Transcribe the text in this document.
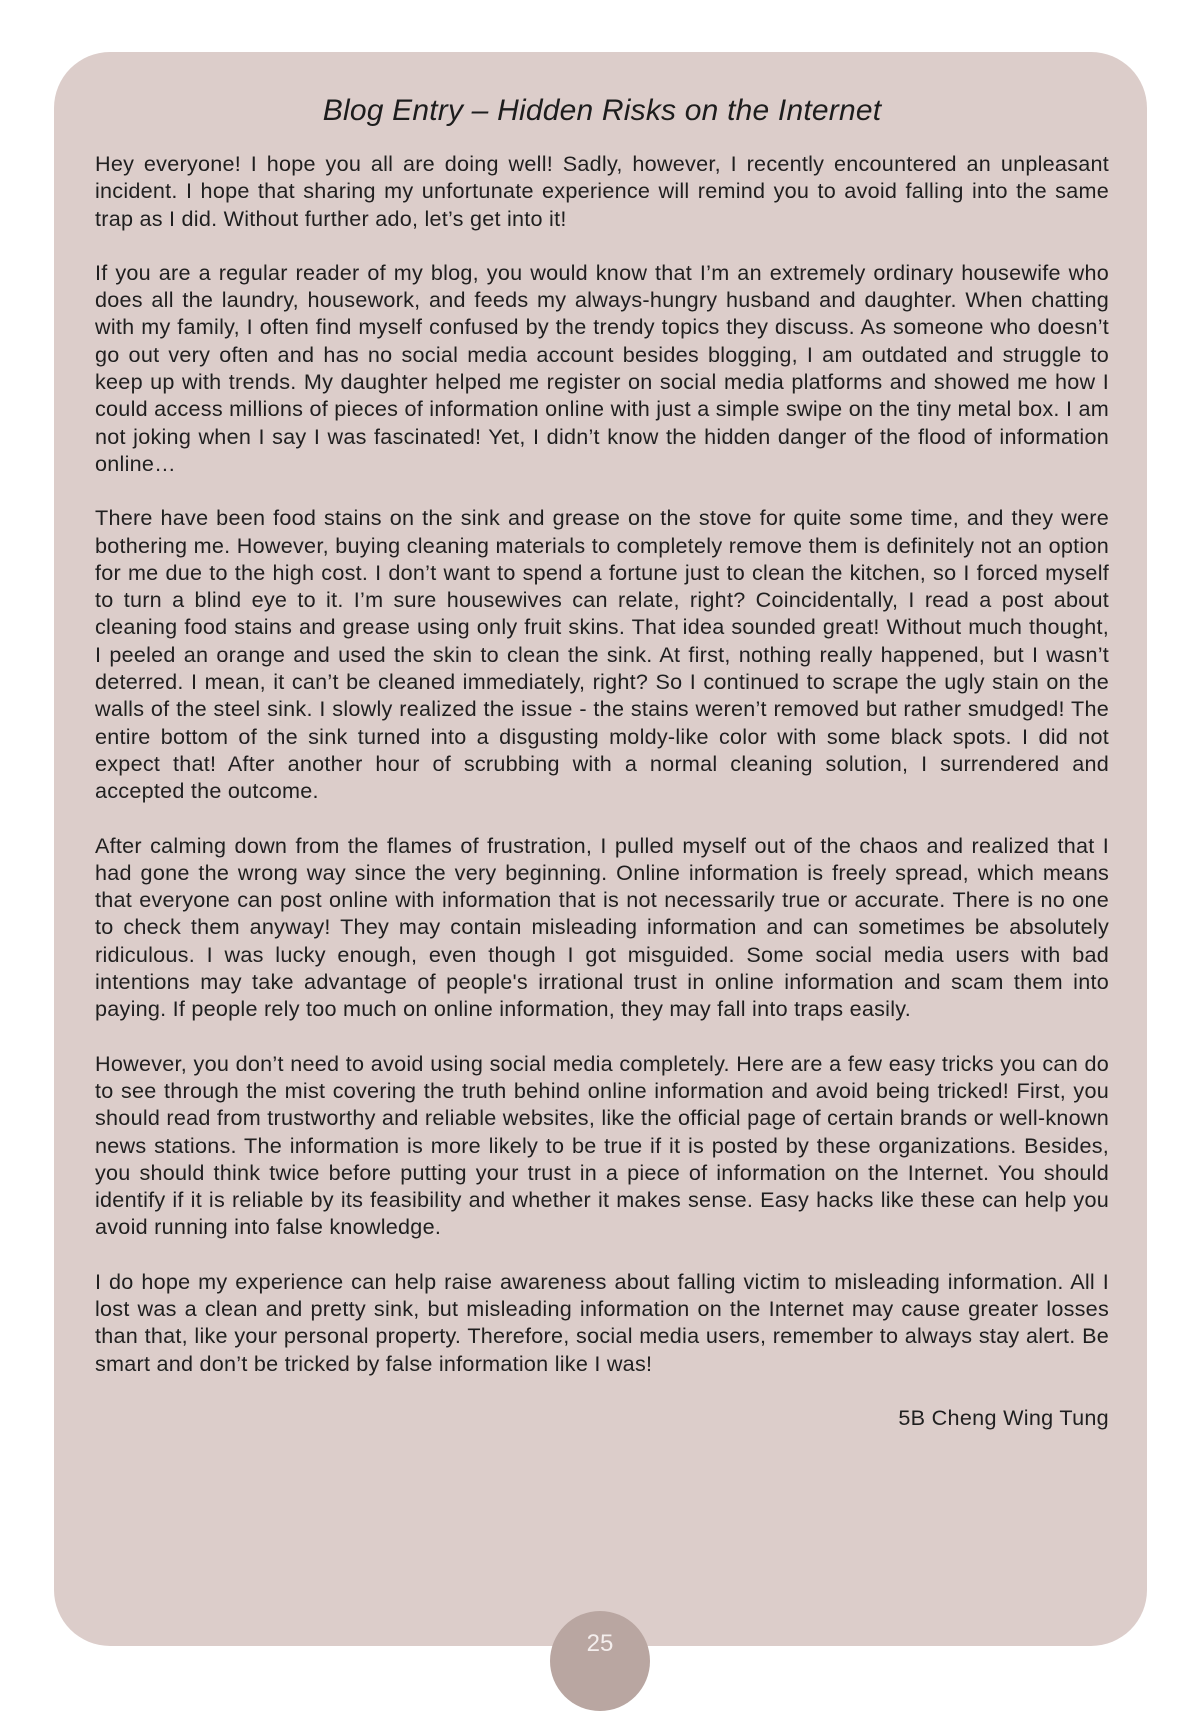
Blog Entry – Hidden Risks on the Internet

Hey everyone! I hope you all are doing well! Sadly, however, I recently encountered an unpleasant incident. I hope that sharing my unfortunate experience will remind you to avoid falling into the same trap as I did. Without further ado, let’s get into it!

If you are a regular reader of my blog, you would know that I’m an extremely ordinary housewife who does all the laundry, housework, and feeds my always-hungry husband and daughter. When chatting with my family, I often find myself confused by the trendy topics they discuss. As someone who doesn’t go out very often and has no social media account besides blogging, I am outdated and struggle to keep up with trends. My daughter helped me register on social media platforms and showed me how I could access millions of pieces of information online with just a simple swipe on the tiny metal box. I am not joking when I say I was fascinated! Yet, I didn’t know the hidden danger of the flood of information online…

There have been food stains on the sink and grease on the stove for quite some time, and they were bothering me. However, buying cleaning materials to completely remove them is definitely not an option for me due to the high cost. I don’t want to spend a fortune just to clean the kitchen, so I forced myself to turn a blind eye to it. I’m sure housewives can relate, right? Coincidentally, I read a post about cleaning food stains and grease using only fruit skins. That idea sounded great! Without much thought, I peeled an orange and used the skin to clean the sink. At first, nothing really happened, but I wasn’t deterred. I mean, it can’t be cleaned immediately, right? So I continued to scrape the ugly stain on the walls of the steel sink. I slowly realized the issue - the stains weren’t removed but rather smudged! The entire bottom of the sink turned into a disgusting moldy-like color with some black spots. I did not expect that! After another hour of scrubbing with a normal cleaning solution, I surrendered and accepted the outcome.

After calming down from the flames of frustration, I pulled myself out of the chaos and realized that I had gone the wrong way since the very beginning. Online information is freely spread, which means that everyone can post online with information that is not necessarily true or accurate. There is no one to check them anyway! They may contain misleading information and can sometimes be absolutely ridiculous. I was lucky enough, even though I got misguided. Some social media users with bad intentions may take advantage of people's irrational trust in online information and scam them into paying. If people rely too much on online information, they may fall into traps easily.

However, you don’t need to avoid using social media completely. Here are a few easy tricks you can do to see through the mist covering the truth behind online information and avoid being tricked! First, you should read from trustworthy and reliable websites, like the official page of certain brands or well-known news stations. The information is more likely to be true if it is posted by these organizations. Besides, you should think twice before putting your trust in a piece of information on the Internet. You should identify if it is reliable by its feasibility and whether it makes sense. Easy hacks like these can help you avoid running into false knowledge.

I do hope my experience can help raise awareness about falling victim to misleading information. All I lost was a clean and pretty sink, but misleading information on the Internet may cause greater losses than that, like your personal property. Therefore, social media users, remember to always stay alert. Be smart and don’t be tricked by false information like I was!

5B Cheng Wing Tung
25
